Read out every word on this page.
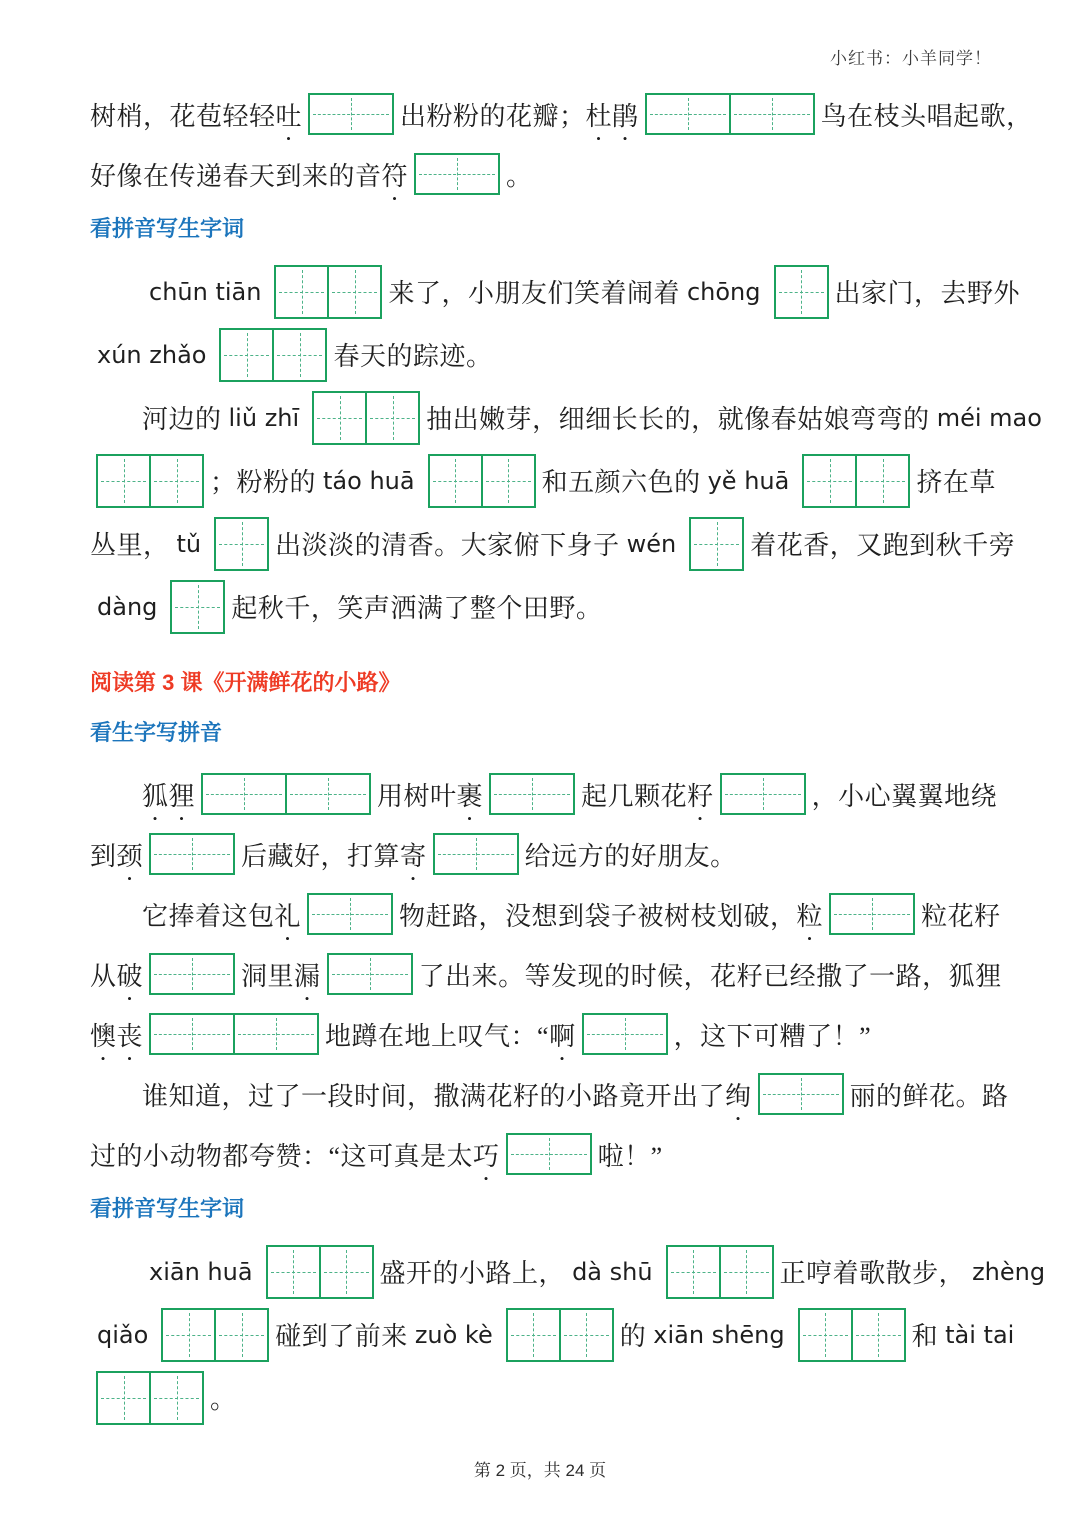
小红书：小羊同学！
树梢，花苞轻轻 吐 •	出粉粉的花瓣； 杜 • 鹃 •	鸟在枝头唱起歌，
好像在传递春天到来的音 符 •	。
看拼音写生字词
chūn tiān	来了，小朋友们笑着闹着 chōng	出家门，去野外
xún zhǎo	春天的踪迹。
河边的 liǔ zhī	抽出嫩芽，细细长长的，就像春姑娘弯弯的 méi mao
；粉粉的 táo huā	和五颜六色的 yě huā	挤在草
丛里， tǔ	出淡淡的清香。大家俯下身子 wén	着花香，又跑到秋千旁
dàng	起秋千，笑声洒满了整个田野。
阅读第 3 课《开满鲜花的小路》
看生字写拼音
狐 • 狸 •	用树叶 裹 •	起几颗花 籽 •	，小心翼翼地绕
到 颈 •	后藏好，打算 寄 •	给远方的好朋友。
它捧着这包 礼 •	物赶路，没想到袋子被树枝划破， 粒 •	粒花籽
从 破 •	洞里 漏 •	了出来。等发现的时候，花籽已经撒了一路，狐狸
懊 • 丧 •	地蹲在地上叹气：“ 啊 •	，这下可糟了！”
谁知道，过了一段时间，撒满花籽的小路竟开出了 绚 •	丽的鲜花。路
过的小动物都夸赞：“这可真是太 巧 •	啦！”
看拼音写生字词
xiān huā	盛开的小路上， dà shū	正哼着歌散步， zhèng
qiǎo	碰到了前来 zuò kè	的 xiān shēng	和 tài tai
。
第 2 页，共 24 页
